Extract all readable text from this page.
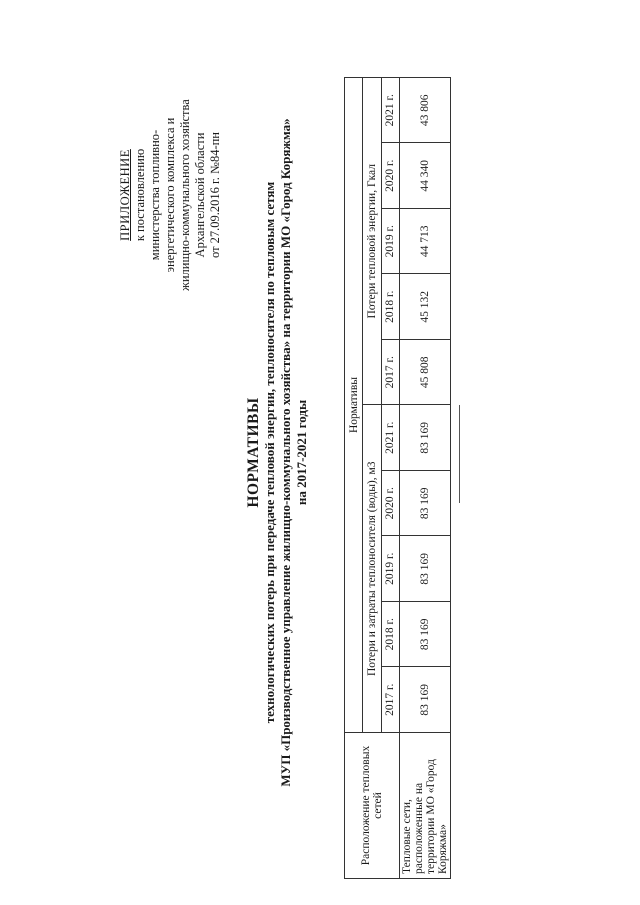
ПРИЛОЖЕНИЕ к постановлению министерства топливно- энергетического комплекса и жилищно-коммунального хозяйства Архангельской области от 27.09.2016 г. №84-пн
НОРМАТИВЫ технологических потерь при передаче тепловой энергии, теплоносителя по тепловым сетям МУП «Производственное управление жилищно-коммунального хозяйства» на территории МО «Город Коряжма» на 2017-2021 годы
Расположение тепловых сетей	Нормативы									
	Потери и затраты теплоносителя (воды), м3					Потери тепловой энергии, Гкал				
	2017 г.	2018 г.	2019 г.	2020 г.	2021 г.	2017 г.	2018 г.	2019 г.	2020 г.	2021 г.
Тепловые сети, расположенные на территории МО «Город Коряжма»	83 169	83 169	83 169	83 169	83 169	45 808	45 132	44 713	44 340	43 806
